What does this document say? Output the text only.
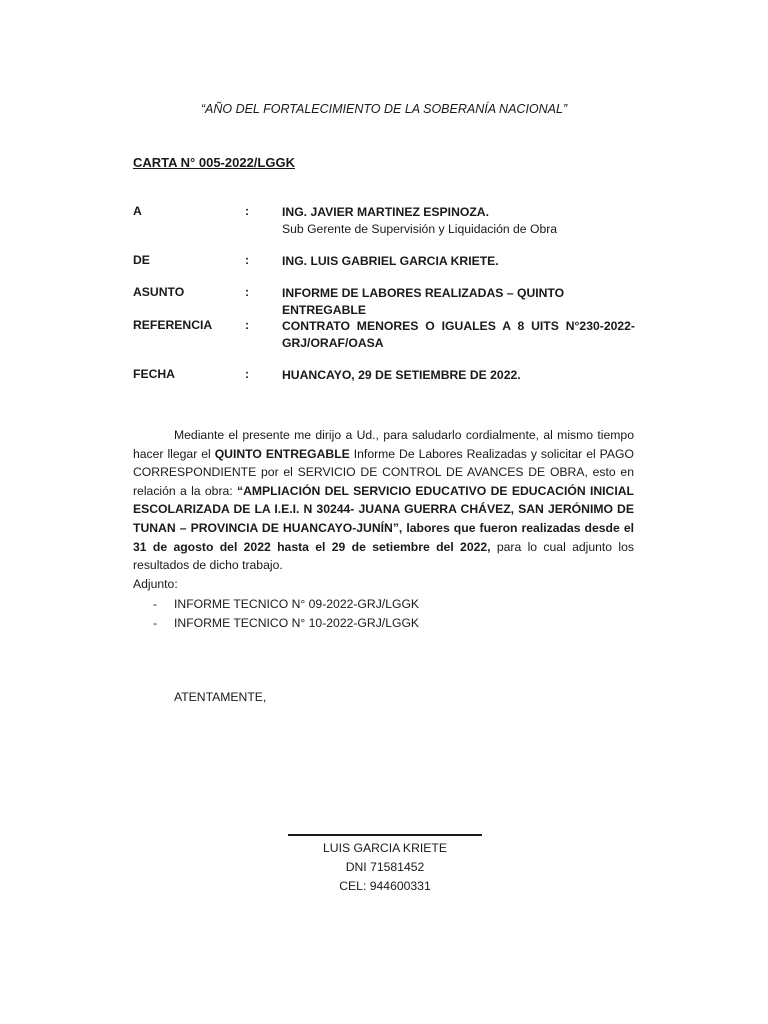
“AÑO DEL FORTALECIMIENTO DE LA SOBERANÍA NACIONAL”

CARTA N° 005-2022/LGGK

A	:	ING. JAVIER MARTINEZ ESPINOZA.
Sub Gerente de Supervisión y Liquidación de Obra
DE	:	ING. LUIS GABRIEL GARCIA KRIETE.
ASUNTO	:	INFORME DE LABORES REALIZADAS – QUINTO ENTREGABLE
REFERENCIA	:	CONTRATO MENORES O IGUALES A 8 UITS N°230-2022-GRJ/ORAF/OASA
FECHA	:	HUANCAYO, 29 DE SETIEMBRE DE 2022.

Mediante el presente me dirijo a Ud., para saludarlo cordialmente, al mismo tiempo hacer llegar el QUINTO ENTREGABLE Informe De Labores Realizadas y solicitar el PAGO CORRESPONDIENTE por el SERVICIO DE CONTROL DE AVANCES DE OBRA, esto en relación a la obra: “AMPLIACIÓN DEL SERVICIO EDUCATIVO DE EDUCACIÓN INICIAL ESCOLARIZADA DE LA I.E.I. N 30244- JUANA GUERRA CHÁVEZ, SAN JERÓNIMO DE TUNAN – PROVINCIA DE HUANCAYO-JUNÍN”, labores que fueron realizadas desde el 31 de agosto del 2022 hasta el 29 de setiembre del 2022, para lo cual adjunto los resultados de dicho trabajo.

Adjunto:

- INFORME TECNICO N° 09-2022-GRJ/LGGK
- INFORME TECNICO N° 10-2022-GRJ/LGGK

ATENTAMENTE,

LUIS GARCIA KRIETE
DNI 71581452
CEL: 944600331
